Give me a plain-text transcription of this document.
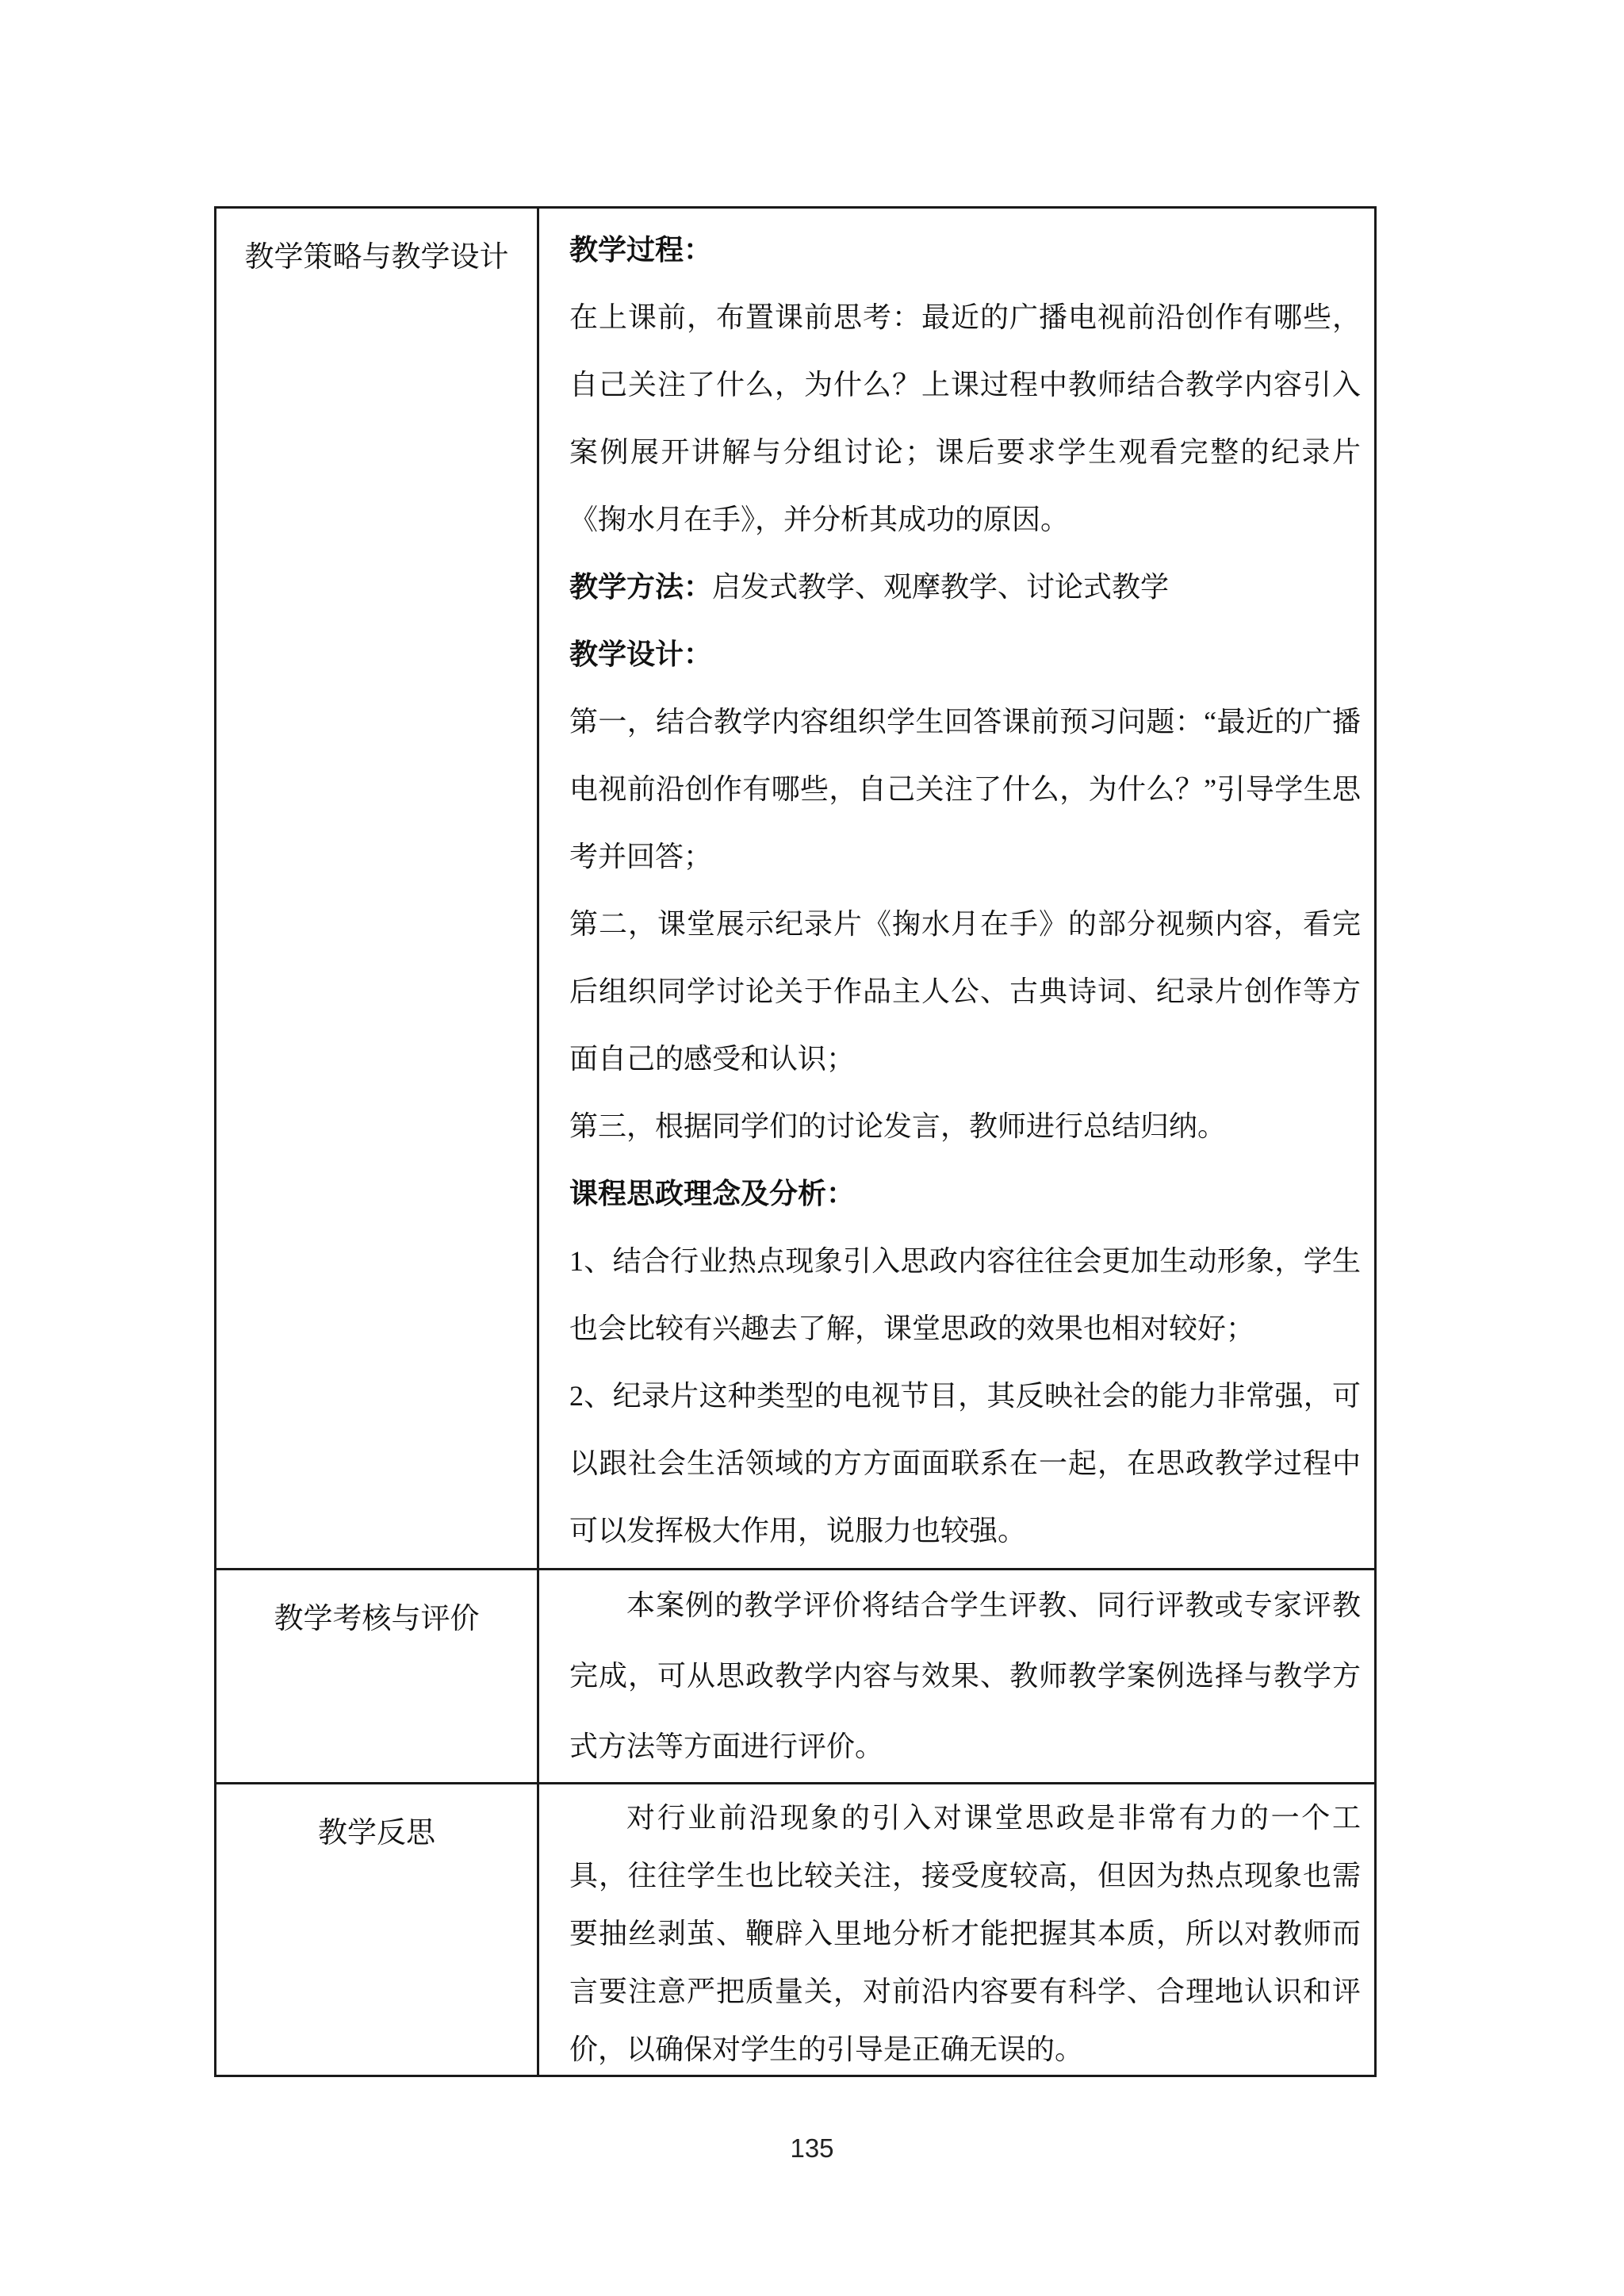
教学策略与教学设计	教学过程：

在上课前，布置课前思考：最近的广播电视前沿创作有哪些，自己关注了什么，为什么？上课过程中教师结合教学内容引入案例展开讲解与分组讨论；课后要求学生观看完整的纪录片《掬水月在手》，并分析其成功的原因。

教学方法：启发式教学、观摩教学、讨论式教学

教学设计：

第一，结合教学内容组织学生回答课前预习问题：“最近的广播电视前沿创作有哪些，自己关注了什么，为什么？”引导学生思考并回答；

第二，课堂展示纪录片《掬水月在手》的部分视频内容，看完后组织同学讨论关于作品主人公、古典诗词、纪录片创作等方面自己的感受和认识；

第三，根据同学们的讨论发言，教师进行总结归纳。

课程思政理念及分析：

1、结合行业热点现象引入思政内容往往会更加生动形象，学生也会比较有兴趣去了解，课堂思政的效果也相对较好；

2、纪录片这种类型的电视节目，其反映社会的能力非常强，可以跟社会生活领域的方方面面联系在一起，在思政教学过程中可以发挥极大作用，说服力也较强。

教学考核与评价	本案例的教学评价将结合学生评教、同行评教或专家评教完成，可从思政教学内容与效果、教师教学案例选择与教学方式方法等方面进行评价。

教学反思	对行业前沿现象的引入对课堂思政是非常有力的一个工具，往往学生也比较关注，接受度较高，但因为热点现象也需要抽丝剥茧、鞭辟入里地分析才能把握其本质，所以对教师而言要注意严把质量关，对前沿内容要有科学、合理地认识和评价，以确保对学生的引导是正确无误的。

135
